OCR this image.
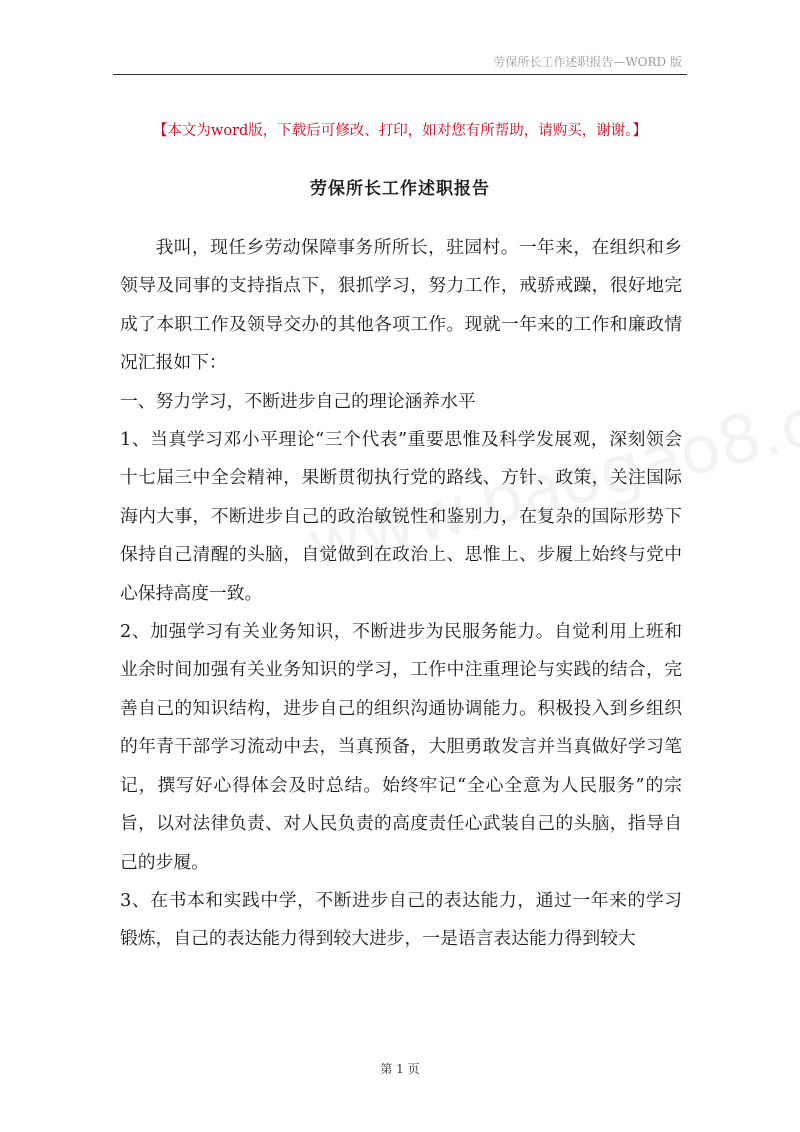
劳保所长工作述职报告—WORD 版
【本文为word版，下载后可修改、打印，如对您有所帮助，请购买，谢谢。】
劳保所长工作述职报告

我叫，现任乡劳动保障事务所所长，驻园村。一年来，在组织和乡领导及同事的支持指点下，狠抓学习，努力工作，戒骄戒躁，很好地完成了本职工作及领导交办的其他各项工作。现就一年来的工作和廉政情况汇报如下：

一、努力学习，不断进步自己的理论涵养水平

1、当真学习邓小平理论“三个代表”重要思惟及科学发展观，深刻领会十七届三中全会精神，果断贯彻执行党的路线、方针、政策，关注国际海内大事，不断进步自己的政治敏锐性和鉴别力，在复杂的国际形势下保持自己清醒的头脑，自觉做到在政治上、思惟上、步履上始终与党中心保持高度一致。

2、加强学习有关业务知识，不断进步为民服务能力。自觉利用上班和业余时间加强有关业务知识的学习，工作中注重理论与实践的结合，完善自己的知识结构，进步自己的组织沟通协调能力。积极投入到乡组织的年青干部学习流动中去，当真预备，大胆勇敢发言并当真做好学习笔记，撰写好心得体会及时总结。始终牢记“全心全意为人民服务”的宗旨，以对法律负责、对人民负责的高度责任心武装自己的头脑，指导自己的步履。

3、在书本和实践中学，不断进步自己的表达能力，通过一年来的学习锻炼，自己的表达能力得到较大进步，一是语言表达能力得到较大

第 1 页
